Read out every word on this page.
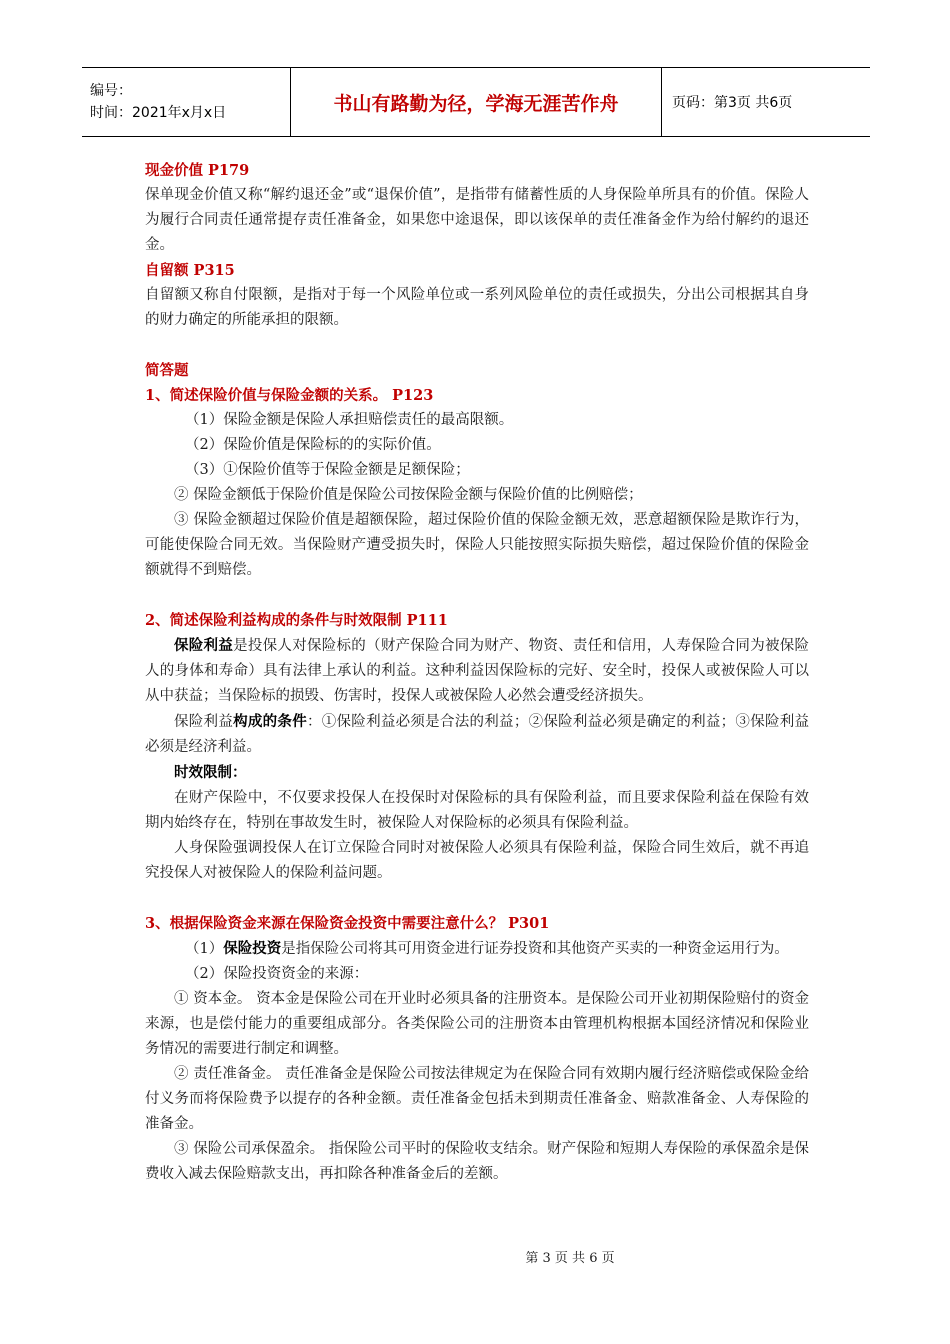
编号：
时间：2021年x月x日	书山有路勤为径，学海无涯苦作舟	页码：第3页 共6页

现金价值 P179

保单现金价值又称“解约退还金”或“退保价值”，是指带有储蓄性质的人身保险单所具有的价值。保险人为履行合同责任通常提存责任准备金，如果您中途退保，即以该保单的责任准备金作为给付解约的退还金。

自留额 P315

自留额又称自付限额，是指对于每一个风险单位或一系列风险单位的责任或损失，分出公司根据其自身的财力确定的所能承担的限额。

简答题

1、简述保险价值与保险金额的关系。 P123

（1）保险金额是保险人承担赔偿责任的最高限额。

（2）保险价值是保险标的的实际价值。

（3）①保险价值等于保险金额是足额保险；

② 保险金额低于保险价值是保险公司按保险金额与保险价值的比例赔偿；

③ 保险金额超过保险价值是超额保险，超过保险价值的保险金额无效，恶意超额保险是欺诈行为，可能使保险合同无效。当保险财产遭受损失时，保险人只能按照实际损失赔偿，超过保险价值的保险金额就得不到赔偿。

2、简述保险利益构成的条件与时效限制 P111

保险利益是投保人对保险标的（财产保险合同为财产、物资、责任和信用，人寿保险合同为被保险人的身体和寿命）具有法律上承认的利益。这种利益因保险标的完好、安全时，投保人或被保险人可以从中获益；当保险标的损毁、伤害时，投保人或被保险人必然会遭受经济损失。

保险利益构成的条件：①保险利益必须是合法的利益；②保险利益必须是确定的利益；③保险利益必须是经济利益。

时效限制：

在财产保险中，不仅要求投保人在投保时对保险标的具有保险利益，而且要求保险利益在保险有效期内始终存在，特别在事故发生时，被保险人对保险标的必须具有保险利益。

人身保险强调投保人在订立保险合同时对被保险人必须具有保险利益，保险合同生效后，就不再追究投保人对被保险人的保险利益问题。

3、根据保险资金来源在保险资金投资中需要注意什么？ P301

（1）保险投资是指保险公司将其可用资金进行证券投资和其他资产买卖的一种资金运用行为。

（2）保险投资资金的来源：

① 资本金。 资本金是保险公司在开业时必须具备的注册资本。是保险公司开业初期保险赔付的资金来源，也是偿付能力的重要组成部分。各类保险公司的注册资本由管理机构根据本国经济情况和保险业务情况的需要进行制定和调整。

② 责任准备金。 责任准备金是保险公司按法律规定为在保险合同有效期内履行经济赔偿或保险金给付义务而将保险费予以提存的各种金额。责任准备金包括未到期责任准备金、赔款准备金、人寿保险的准备金。

③ 保险公司承保盈余。 指保险公司平时的保险收支结余。财产保险和短期人寿保险的承保盈余是保费收入减去保险赔款支出，再扣除各种准备金后的差额。

第 3 页 共 6 页
